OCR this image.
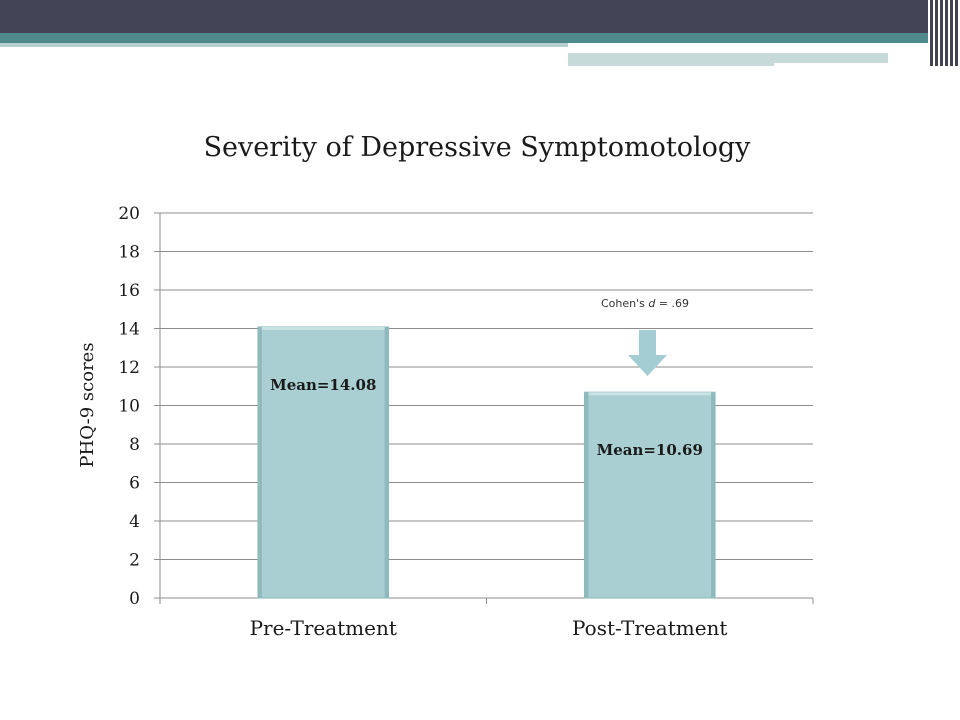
Severity of Depressive Symptomotology
PHQ-9 scores
0
2
4
6
8
10
12
14
16
18
20
Mean=14.08
Mean=10.69
Pre-Treatment	Post-Treatment
Cohen's d = .69
